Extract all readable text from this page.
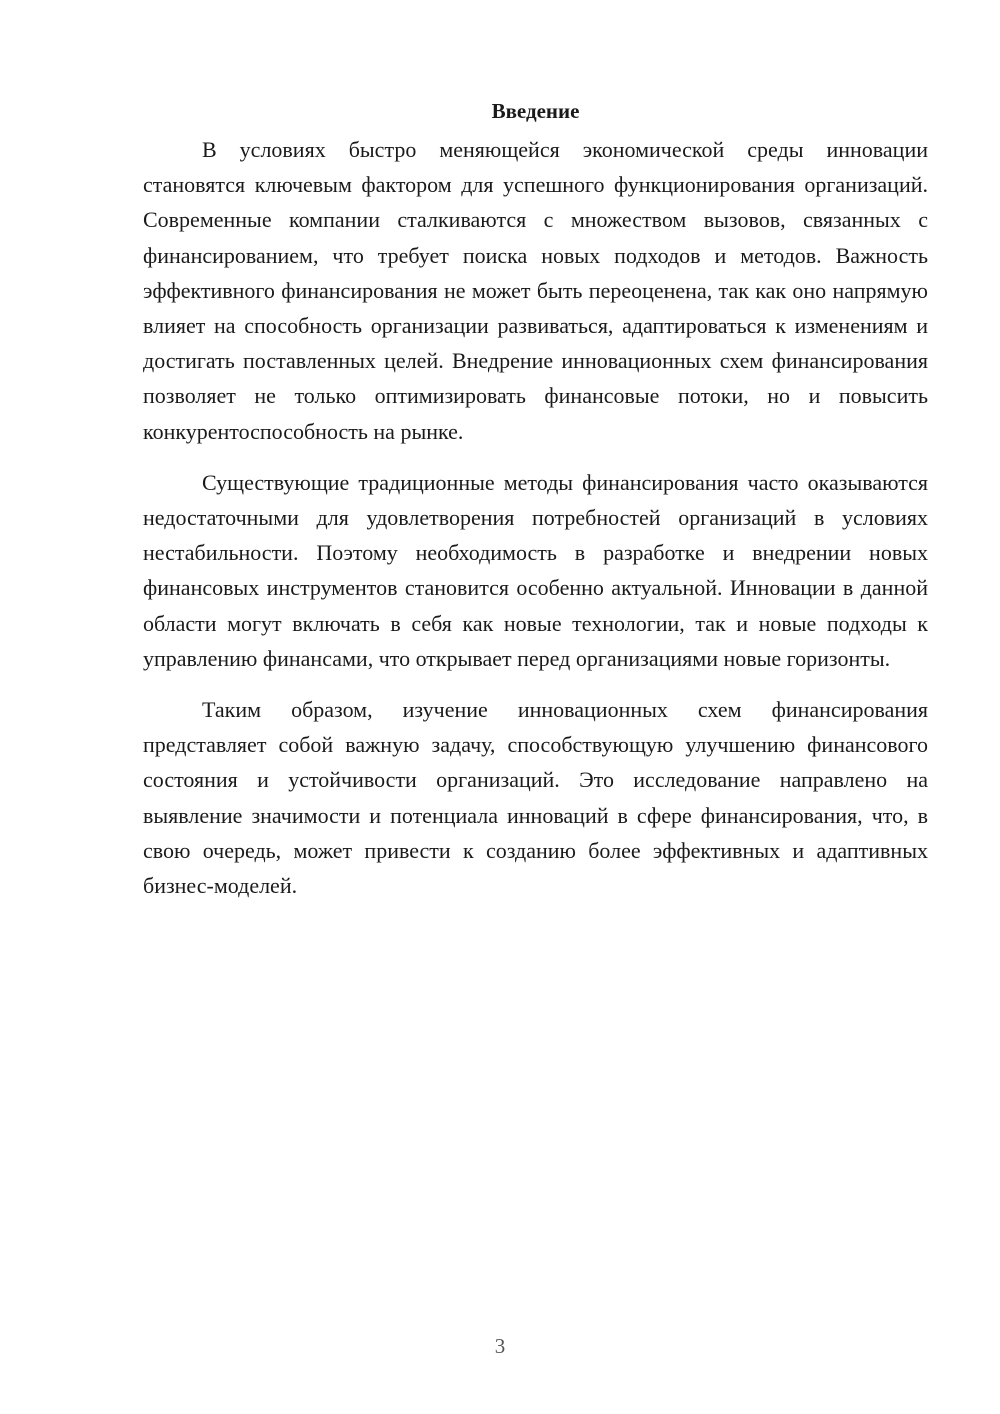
Введение

В условиях быстро меняющейся экономической среды инновации становятся ключевым фактором для успешного функционирования организаций. Современные компании сталкиваются с множеством вызовов, связанных с финансированием, что требует поиска новых подходов и методов. Важность эффективного финансирования не может быть переоценена, так как оно напрямую влияет на способность организации развиваться, адаптироваться к изменениям и достигать поставленных целей. Внедрение инновационных схем финансирования позволяет не только оптимизировать финансовые потоки, но и повысить конкурентоспособность на рынке.

Существующие традиционные методы финансирования часто оказываются недостаточными для удовлетворения потребностей организаций в условиях нестабильности. Поэтому необходимость в разработке и внедрении новых финансовых инструментов становится особенно актуальной. Инновации в данной области могут включать в себя как новые технологии, так и новые подходы к управлению финансами, что открывает перед организациями новые горизонты.

Таким образом, изучение инновационных схем финансирования представляет собой важную задачу, способствующую улучшению финансового состояния и устойчивости организаций. Это исследование направлено на выявление значимости и потенциала инноваций в сфере финансирования, что, в свою очередь, может привести к созданию более эффективных и адаптивных бизнес-моделей.

3
